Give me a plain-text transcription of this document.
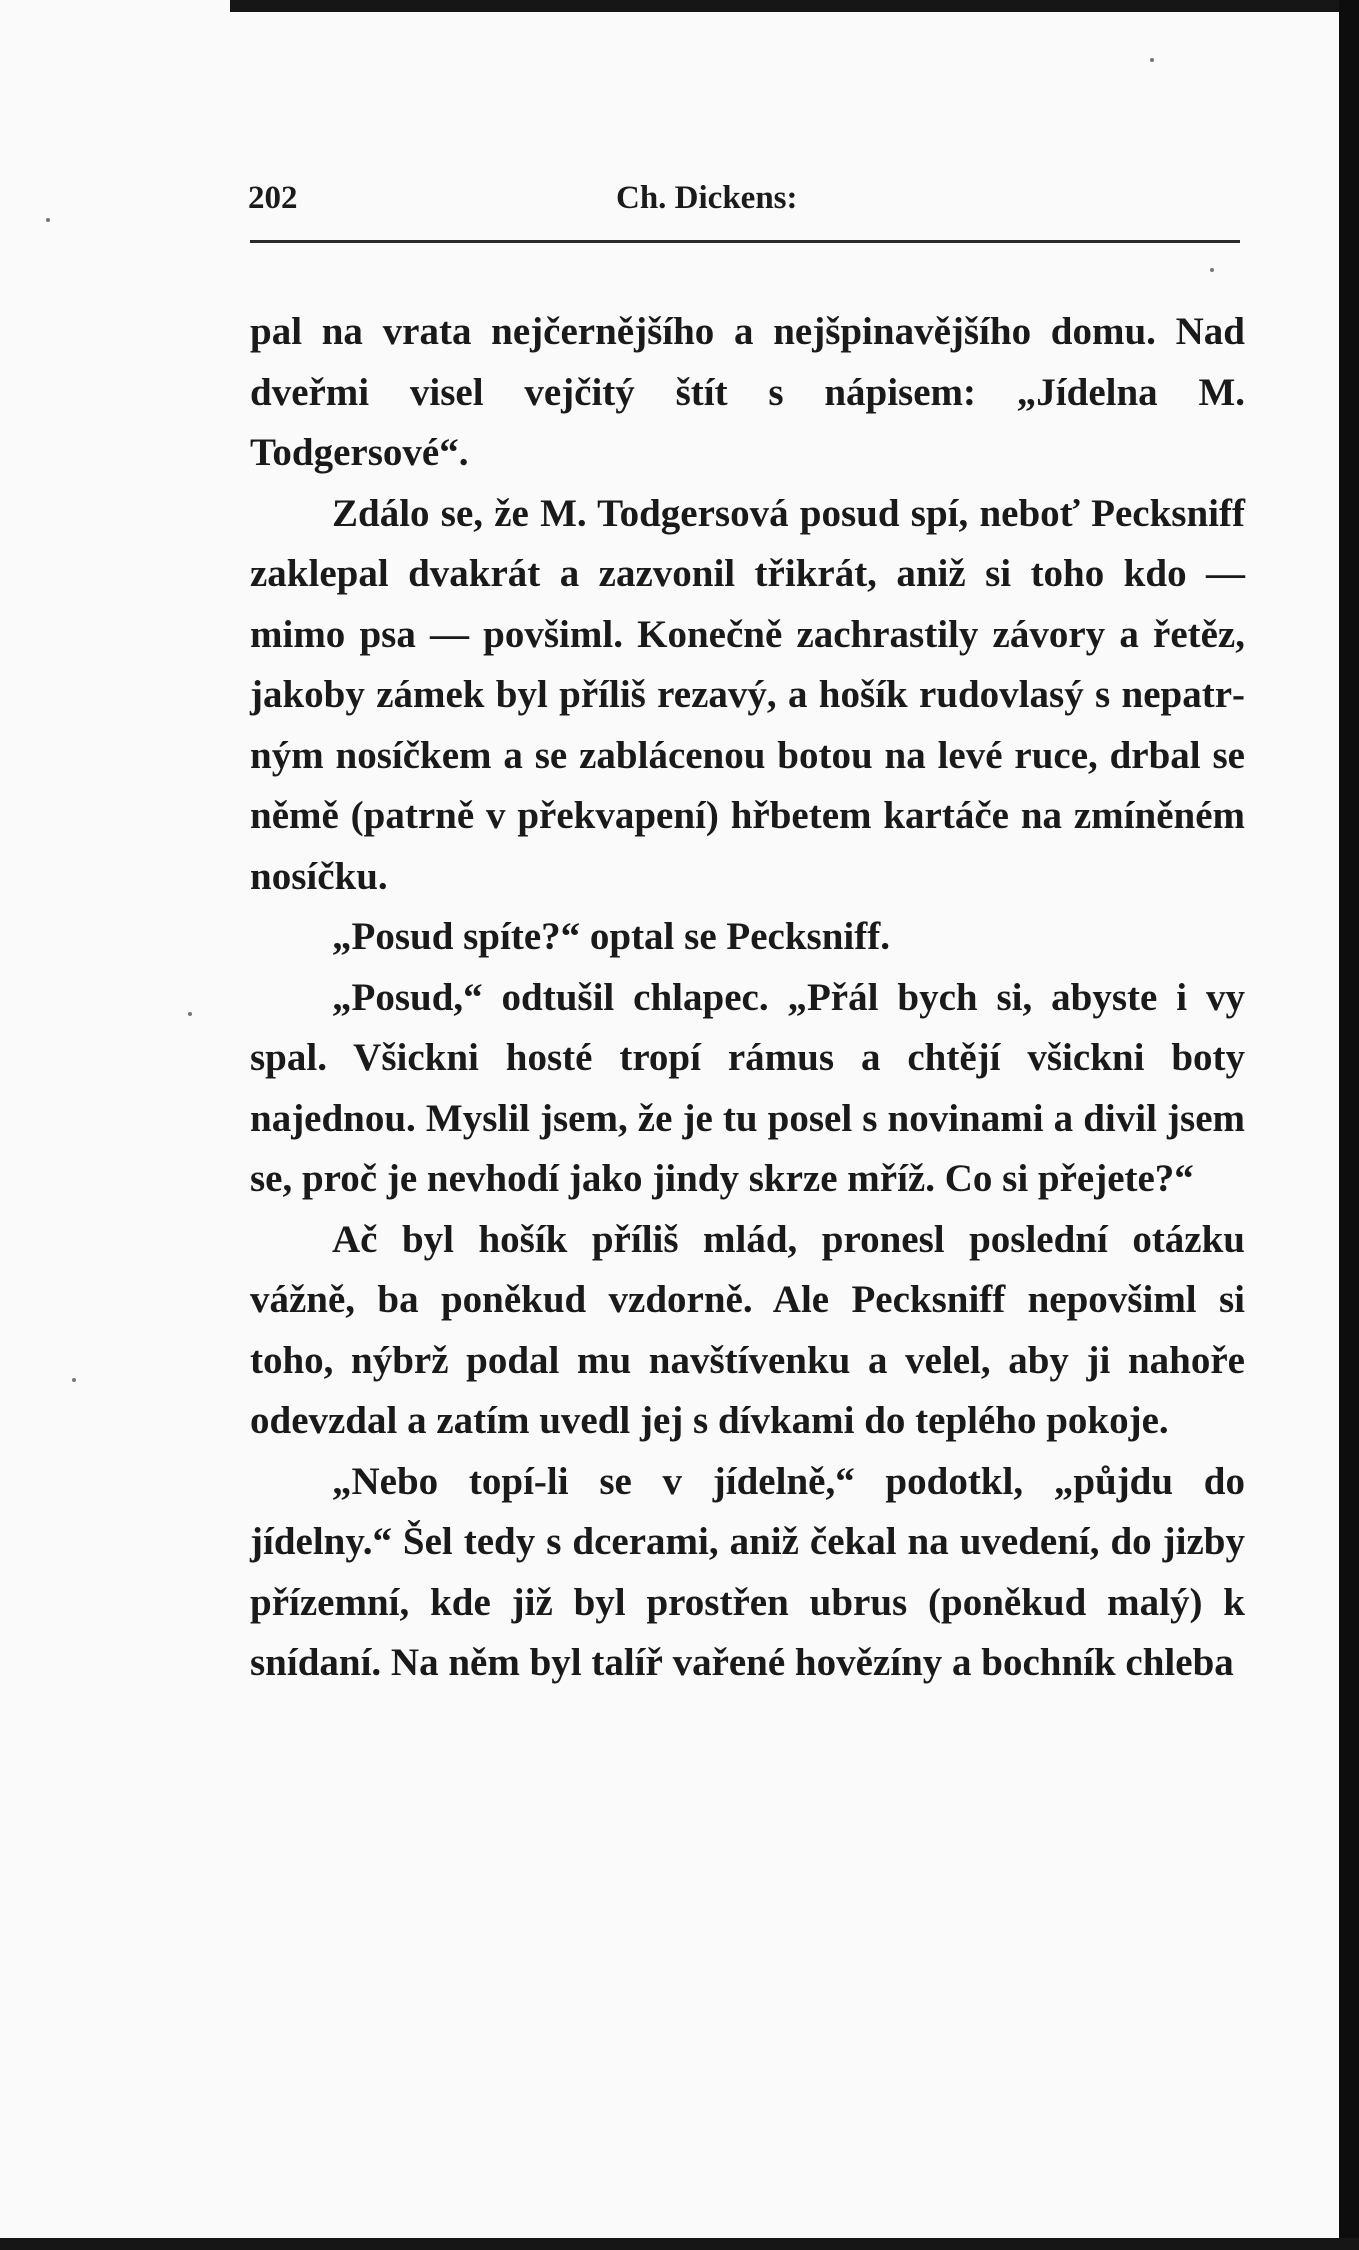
202	Ch. Dickens:

pal na vrata nejčernějšího a nejšpinavějšího domu. Nad dveřmi visel vejčitý štít s nápisem: „Jídelna M. Todgersové“.

Zdálo se, že M. Todgersová posud spí, neboť Pecksniff zaklepal dvakrát a zazvonil třikrát, aniž si toho kdo — mimo psa — povšiml. Konečně zachrastily závory a řetěz, jakoby zámek byl příliš rezavý, a hošík rudovlasý s nepatrným nosíčkem a se zablácenou botou na levé ruce, drbal se němě (patrně v překvapení) hřbetem kartáče na zmíněném nosíčku.

„Posud spíte?“ optal se Pecksniff.

„Posud,“ odtušil chlapec. „Přál bych si, abyste i vy spal. Všickni hosté tropí rámus a chtějí všickni boty najednou. Myslil jsem, že je tu posel s novinami a divil jsem se, proč je nevhodí jako jindy skrze mříž. Co si přejete?“

Ač byl hošík příliš mlád, pronesl poslední otázku vážně, ba poněkud vzdorně. Ale Pecksniff nepovšiml si toho, nýbrž podal mu navštívenku a velel, aby ji nahoře odevzdal a zatím uvedl jej s dívkami do teplého pokoje.

„Nebo topí-li se v jídelně,“ podotkl, „půjdu do jídelny.“ Šel tedy s dcerami, aniž čekal na uvedení, do jizby přízemní, kde již byl prostřen ubrus (poněkud malý) k snídaní. Na něm byl talíř vařené hovězíny a bochník chleba
